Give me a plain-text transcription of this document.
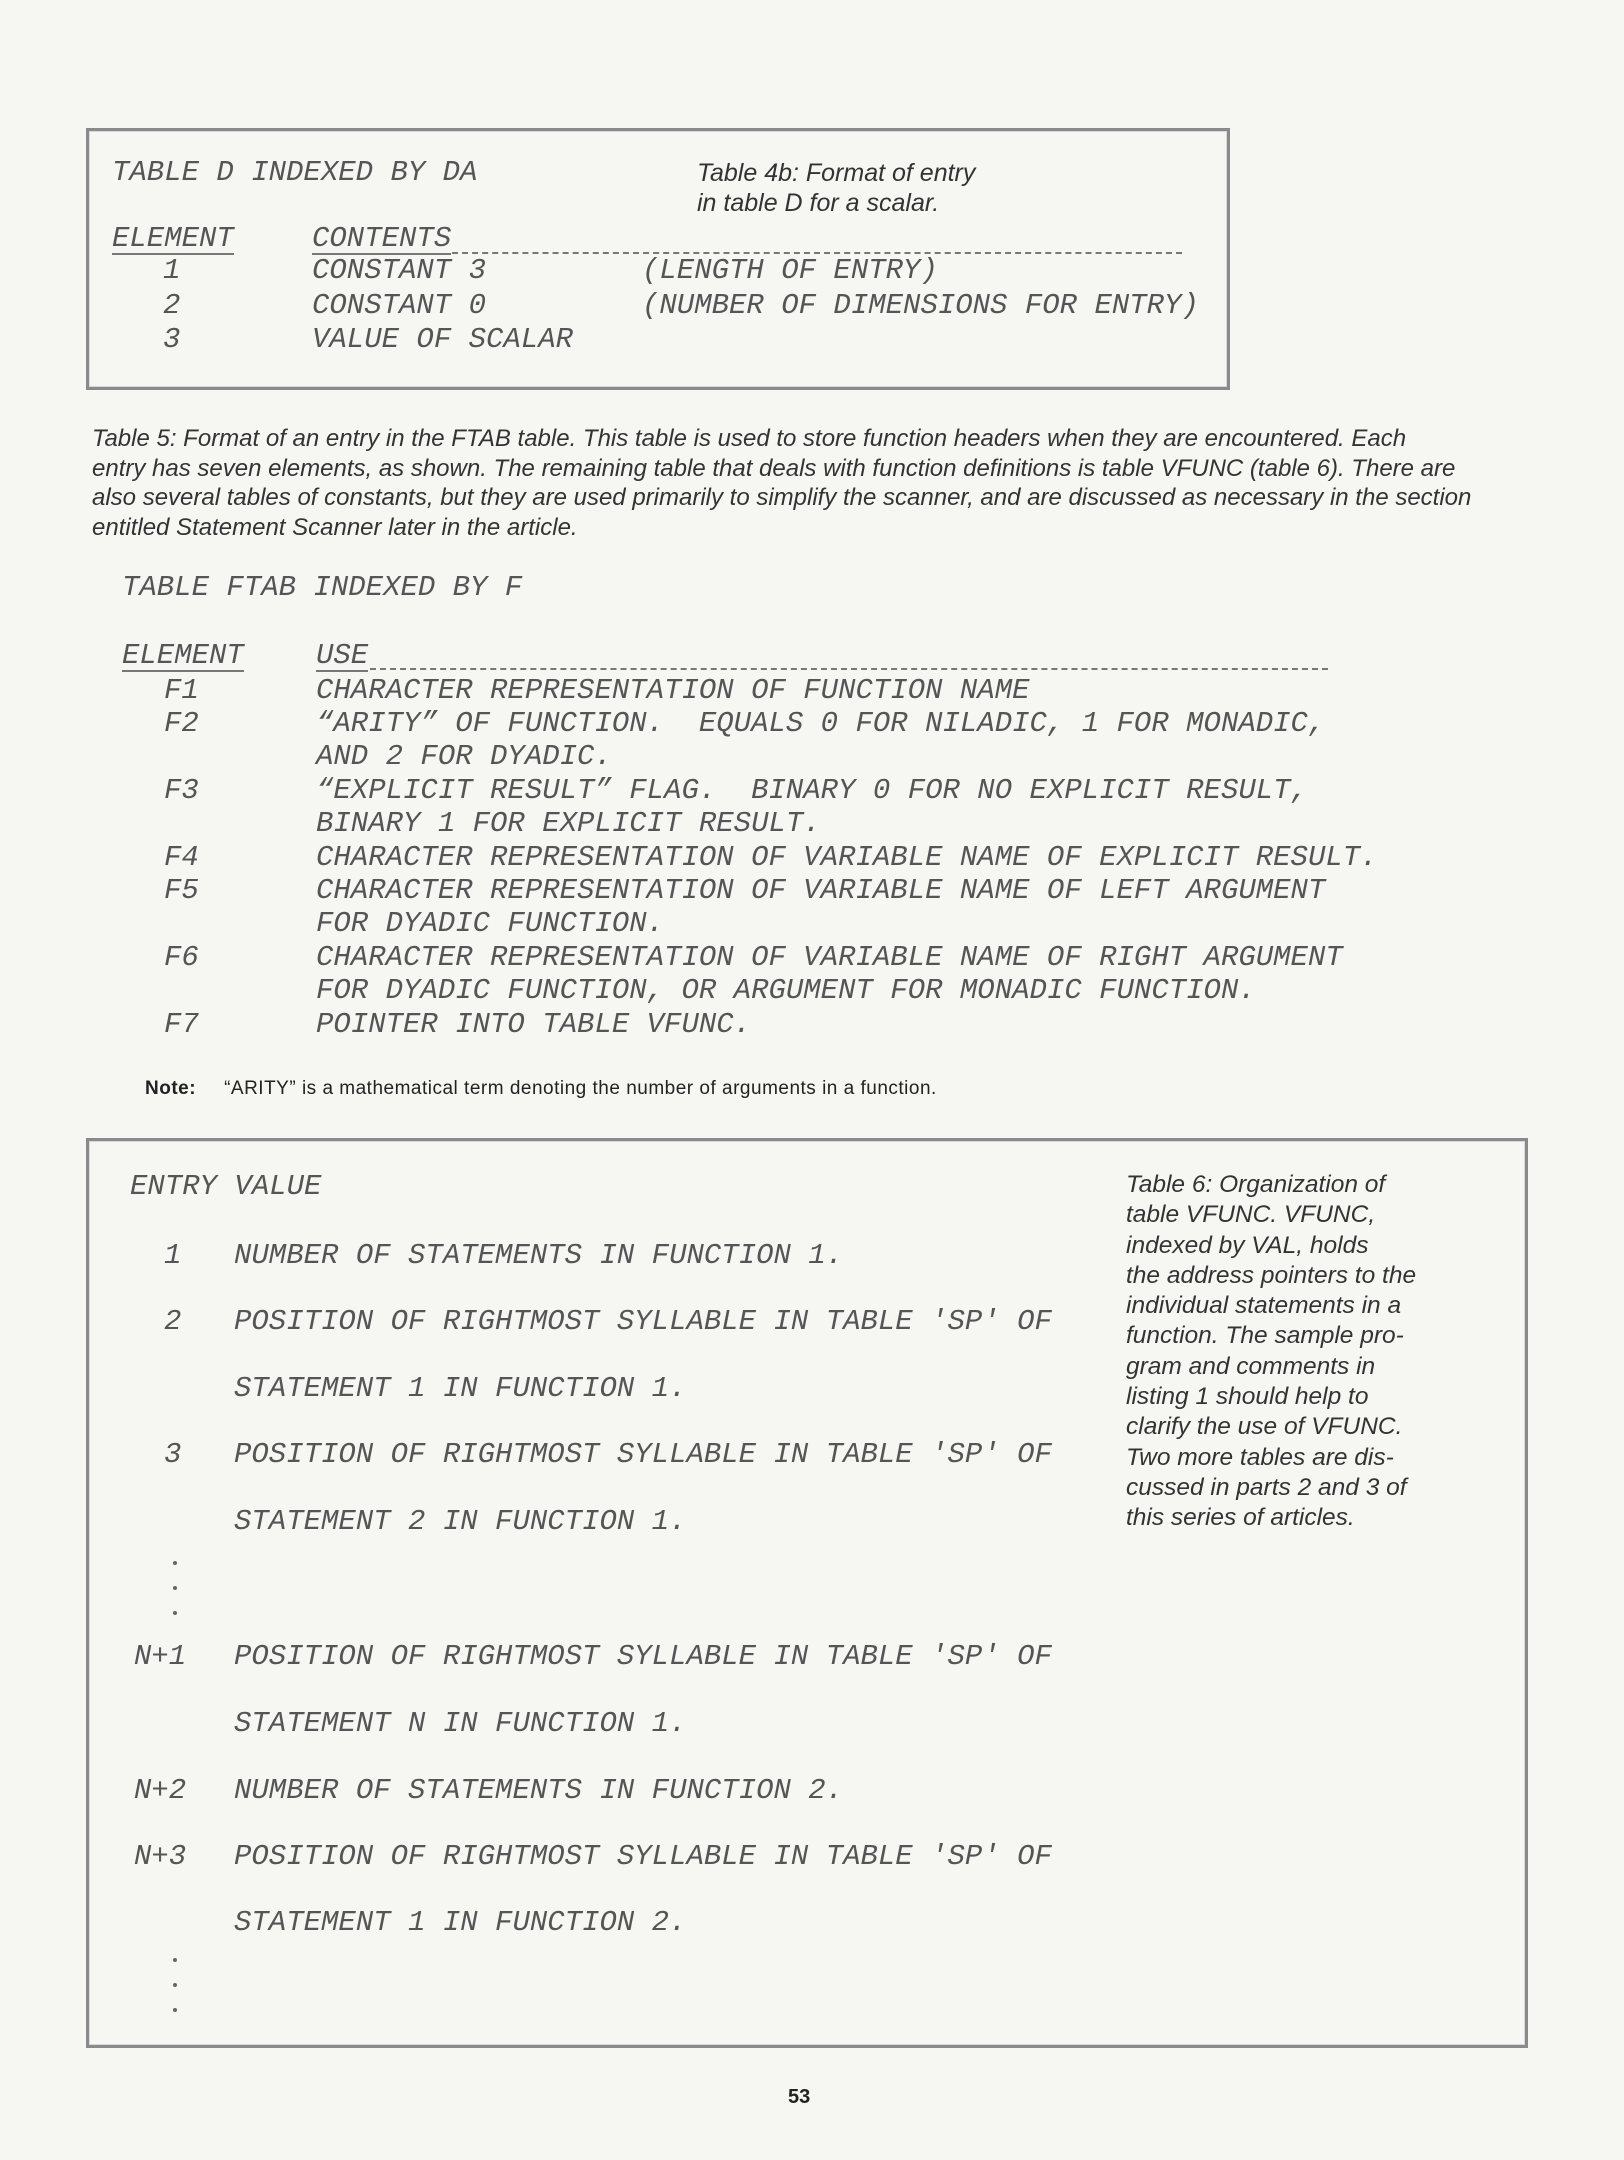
TABLE D INDEXED BY DA	Table 4b: Format of entry
in table D for a scalar.
ELEMENT	CONTENTS
1	CONSTANT 3	(LENGTH OF ENTRY)
2	CONSTANT 0	(NUMBER OF DIMENSIONS FOR ENTRY)
3	VALUE OF SCALAR
Table 5: Format of an entry in the FTAB table. This table is used to store function headers when they are encountered. Each
entry has seven elements, as shown. The remaining table that deals with function definitions is table VFUNC (table 6). There are
also several tables of constants, but they are used primarily to simplify the scanner, and are discussed as necessary in the section
entitled Statement Scanner later in the article.
TABLE FTAB INDEXED BY F
ELEMENT USE
F1	CHARACTER REPRESENTATION OF FUNCTION NAME
F2	“ARITY” OF FUNCTION.  EQUALS 0 FOR NILADIC, 1 FOR MONADIC,
AND 2 FOR DYADIC.
F3	“EXPLICIT RESULT” FLAG.  BINARY 0 FOR NO EXPLICIT RESULT,
BINARY 1 FOR EXPLICIT RESULT.
F4	CHARACTER REPRESENTATION OF VARIABLE NAME OF EXPLICIT RESULT.
F5	CHARACTER REPRESENTATION OF VARIABLE NAME OF LEFT ARGUMENT
FOR DYADIC FUNCTION.
F6	CHARACTER REPRESENTATION OF VARIABLE NAME OF RIGHT ARGUMENT
FOR DYADIC FUNCTION, OR ARGUMENT FOR MONADIC FUNCTION.
F7	POINTER INTO TABLE VFUNC.
Note: “ARITY” is a mathematical term denoting the number of arguments in a function.
ENTRY VALUE
1 NUMBER OF STATEMENTS IN FUNCTION 1.
2 POSITION OF RIGHTMOST SYLLABLE IN TABLE 'SP' OF
STATEMENT 1 IN FUNCTION 1.
3 POSITION OF RIGHTMOST SYLLABLE IN TABLE 'SP' OF
STATEMENT 2 IN FUNCTION 1.
N+1 POSITION OF RIGHTMOST SYLLABLE IN TABLE 'SP' OF
STATEMENT N IN FUNCTION 1.
N+2 NUMBER OF STATEMENTS IN FUNCTION 2.
N+3 POSITION OF RIGHTMOST SYLLABLE IN TABLE 'SP' OF
STATEMENT 1 IN FUNCTION 2.
Table 6: Organization of
table VFUNC. VFUNC,
indexed by VAL, holds
the address pointers to the
individual statements in a
function. The sample pro-
gram and comments in
listing 1 should help to
clarify the use of VFUNC.
Two more tables are dis-
cussed in parts 2 and 3 of
this series of articles.
53
